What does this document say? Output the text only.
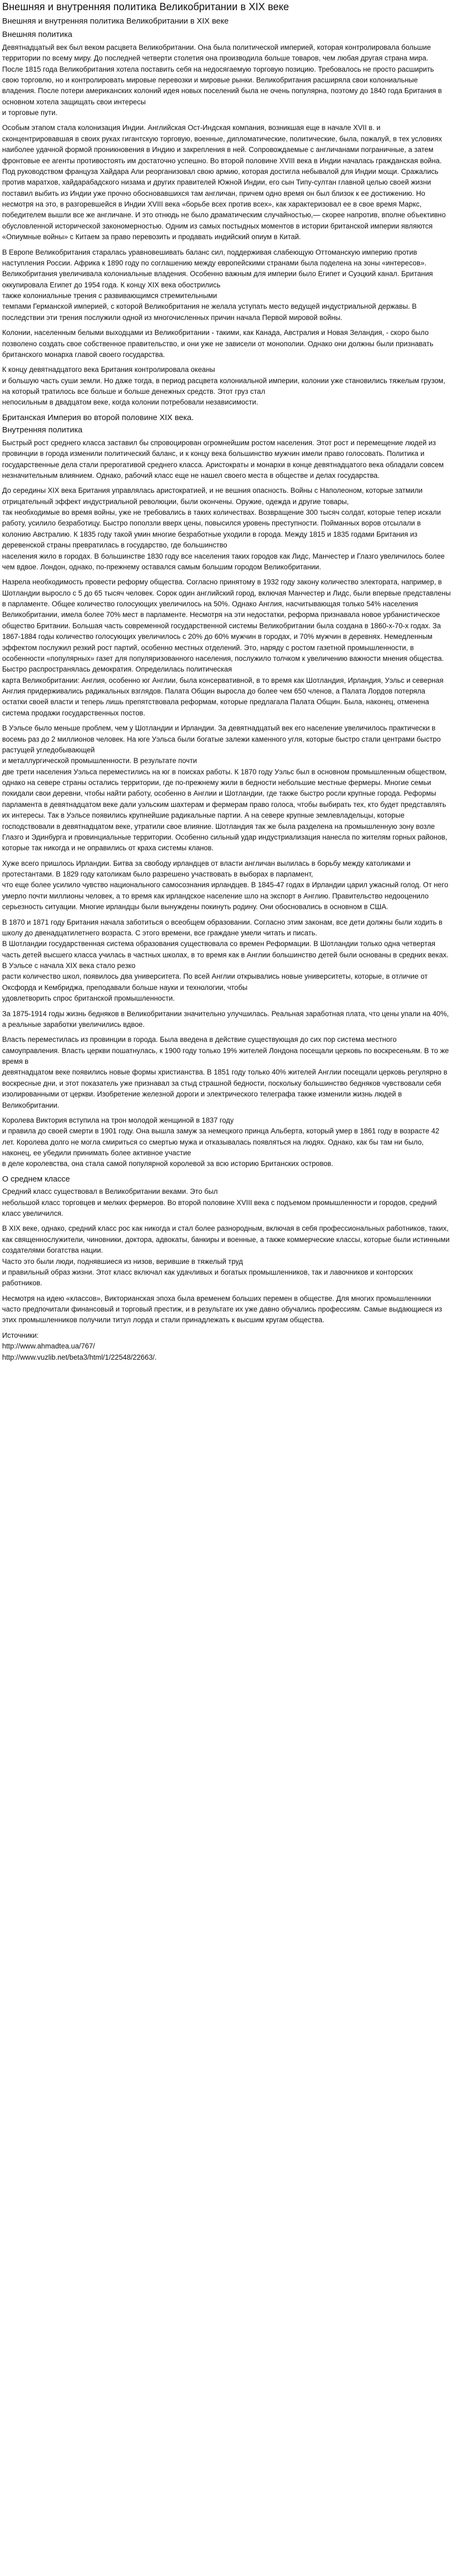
Внешняя и внутренняя политика Великобритании в XIX веке
Внешняя и внутренняя политика Великобритании в XIX веке
Внешняя политика

Девятнадцатый век был веком расцвета Великобритании. Она была политической империей, которая контролировала большие территории по всему миру. До последней четверти столетия она производила больше товаров, чем любая другая страна мира. После 1815 года Великобритания хотела поставить себя на недосягаемую торговую позицию. Требовалось не просто расширить свою торговлю, но и контролировать мировые перевозки и мировые рынки. Великобритания расширяла свои колониальные владения. После потери американских колоний идея новых поселений была не очень популярна, поэтому до 1840 года Британия в основном хотела защищать свои интересы
и торговые пути.

Особым этапом стала колонизация Индии. Английская Ост-Индская компания, возникшая еще в начале XVII в. и сконцентрировавшая в своих руках гигантскую торговую, военные, дипломатические, политические, была, пожалуй, в тех условиях наиболее удачной формой проникновения в Индию и закрепления в ней. Сопровождаемые с англичанами пограничные, а затем фронтовые ее агенты противостоять им достаточно успешно. Во второй половине XVIII века в Индии началась гражданская война. Под руководством француза Хайдара Али реорганизовал свою армию, которая достигла небывалой для Индии мощи. Сражались против маратхов, хайдарабадского низама и других правителей Южной Индии, его сын Типу-султан главной целью своей жизни поставил выбить из Индии уже прочно обосновавшихся там англичан, причем одно время он был близок к ее достижению. Но несмотря на это, в разгоревшейся в Индии XVIII века «борьбе всех против всех», как характеризовал ее в свое время Маркс, победителем вышли все же англичане. И это отнюдь не было драматическим случайностью,— скорее напротив, вполне объективно обусловленной исторической закономерностью. Одним из самых постыдных моментов в истории британской империи являются «Опиумные войны» с Китаем за право перевозить и продавать индийский опиум в Китай.

В Европе Великобритания старалась уравновешивать баланс сил, поддерживая слабеющую Оттоманскую империю против наступления России. Африка к 1890 году по соглашению между европейскими странами была поделена на зоны «интересов». Великобритания увеличивала колониальные владения. Особенно важным для империи было Египет и Суэцкий канал. Британия оккупировала Египет до 1954 года. К концу XIX века обострились
также колониальные трения с развивающимся стремительными
темпами Германской империей, с которой Великобритания не желала уступать место ведущей индустриальной державы. В последствии эти трения послужили одной из многочисленных причин начала Первой мировой войны.

Колонии, населенным белыми выходцами из Великобритании - такими, как Канада, Австралия и Новая Зеландия, - скоро было позволено создать свое собственное правительство, и они уже не зависели от монополии. Однако они должны были признавать британского монарха главой своего государства.

К концу девятнадцатого века Британия контролировала океаны
и большую часть суши земли. Но даже тогда, в период расцвета колониальной империи, колонии уже становились тяжелым грузом, на который тратилось все больше и больше денежных средств. Этот груз стал
непосильным в двадцатом веке, когда колонии потребовали независимости.

Британская Империя во второй половине XIX века.
Внутренняя политика

Быстрый рост среднего класса заставил бы спровоцирован огромнейшим ростом населения. Этот рост и перемещение людей из провинции в города изменили политический баланс, и к концу века большинство мужчин имели право голосовать. Политика и государственные дела стали прерогативой среднего класса. Аристократы и монархи в конце девятнадцатого века обладали совсем незначительным влиянием. Однако, рабочий класс еще не нашел своего места в обществе и делах государства.

До середины XIX века Британия управлялась аристократией, и не вешния опасность. Войны с Наполеоном, которые затмили отрицательный эффект индустриальной революции, были окончены. Оружие, одежда и другие товары,
так необходимые во время войны, уже не требовались в таких количествах. Возвращение 300 тысяч солдат, которые тепер искали работу, усилило безработицу. Быстро поползли вверх цены, повысился уровень преступности. Пойманных воров отсылали в колонию Австралию. К 1835 году такой умин многие безработные уходили в города. Между 1815 и 1835 годами Британия из деревенской страны превратилась в государство, где большинство
населения жило в городах. В большинстве 1830 году все населения таких городов как Лидс, Манчестер и Глазго увеличилось более чем вдвое. Лондон, однако, по-прежнему оставался самым большим городом Великобритании.

Назрела необходимость провести реформу общества. Согласно принятому в 1932 году закону количество электората, например, в Шотландии выросло с 5 до 65 тысяч человек. Сорок один английский город, включая Манчестер и Лидс, были впервые представлены в парламенте. Общее количество голосующих увеличилось на 50%. Однако Англия, насчитывающая только 54% населения Великобритании, имела более 70% мест в парламенте. Несмотря на эти недостатки, реформа признавала новое урбанистическое общество Британии. Большая часть современной государственной системы Великобритании была создана в 1860-х-70-х годах. За 1867-1884 годы количество голосующих увеличилось с 20% до 60% мужчин в городах, и 70% мужчин в деревнях. Немедленным эффектом послужил резкий рост партий, особенно местных отделений. Это, наряду с ростом газетной промышленности, в особенности «популярных» газет для популяризованного населения, послужило толчком к увеличению важности мнения общества. Быстро распространялась демократия. Определилась политическая
карта Великобритании: Англия, особенно юг Англии, была консервативной, в то время как Шотландия, Ирландия, Уэльс и северная Англия придерживались радикальных взглядов. Палата Общин выросла до более чем 650 членов, а Палата Лордов потеряла остатки своей власти и теперь лишь препятствовала реформам, которые предлагала Палата Общин. Была, наконец, отменена система продажи государственных постов.

В Уэльсе было меньше проблем, чем у Шотландии и Ирландии. За девятнадцатый век его население увеличилось практически в восемь раз до 2 миллионов человек. На юге Уэльса были богатые залежи каменного угля, которые быстро стали центрами быстро растущей угледобывающей
и металлургической промышленности. В результате почти
две трети населения Уэльса переместились на юг в поисках работы. К 1870 году Уэльс был в основном промышленным обществом, однако на севере страны остались территории, где по-прежнему жили в бедности небольшие местные фермеры. Многие семьи покидали свои деревни, чтобы найти работу, особенно в Англии и Шотландии, где также быстро росли крупные города. Реформы парламента в девятнадцатом веке дали уэльским шахтерам и фермерам право голоса, чтобы выбирать тех, кто будет представлять их интересы. Так в Уэльсе появились крупнейшие радикальные партии. А на севере крупные землевладельцы, которые господствовали в девятнадцатом веке, утратили свое влияние. Шотландия так же была разделена на промышленную зону возле Глазго и Эдинбурга и провинциальные территории. Особенно сильный удар индустриализация нанесла по жителям горных районов, которые так никогда и не оправились от краха системы кланов.

Хуже всего пришлось Ирландии. Битва за свободу ирландцев от власти англичан вылилась в борьбу между католиками и протестантами. В 1829 году католикам было разрешено участвовать в выборах в парламент,
что еще более усилило чувство национального самосознания ирландцев. В 1845-47 годах в Ирландии царил ужасный голод. От него умерло почти миллионы человек, а то время как ирландское население шло на экспорт в Англию. Правительство недооценило серьезность ситуации. Многие ирландцы были вынуждены покинуть родину. Они обосновались в основном в США.

В 1870 и 1871 году Британия начала заботиться о всеобщем образовании. Согласно этим законам, все дети должны были ходить в школу до двенадцатилетнего возраста. С этого времени, все граждане умели читать и писать.
В Шотландии государственная система образования существовала со времен Реформации. В Шотландии только одна четвертая часть детей высшего класса училась в частных школах, в то время как в Англии большинство детей были основаны в средних веках. В Уэльсе с начала XIX века стало резко
расти количество школ, появилось два университета. По всей Англии открывались новые университеты, которые, в отличие от Оксфорда и Кембриджа, преподавали больше науки и технологии, чтобы
удовлетворить спрос британской промышленности.

За 1875-1914 годы жизнь бедняков в Великобритании значительно улучшилась. Реальная заработная плата, что цены упали на 40%, а реальные заработки увеличились вдвое.

Власть переместилась из провинции в города. Была введена в действие существующая до сих пор система местного самоуправления. Власть церкви пошатнулась, к 1900 году только 19% жителей Лондона посещали церковь по воскресеньям. В то же время в
девятнадцатом веке появились новые формы христианства. В 1851 году только 40% жителей Англии посещали церковь регулярно в воскресные дни, и этот показатель уже признавал за стыд страшной бедности, поскольку большинство бедняков чувствовали себя изолированными от церкви. Изобретение железной дороги и электрического телеграфа также изменили жизнь людей в Великобритании.

Королева Виктория вступила на трон молодой женщиной в 1837 году
и правила до своей смерти в 1901 году. Она вышла замуж за немецкого принца Альберта, который умер в 1861 году в возрасте 42 лет. Королева долго не могла смириться со смертью мужа и отказывалась появляться на людях. Однако, как бы там ни было, наконец, ее убедили принимать более активное участие
в деле королевства, она стала самой популярной королевой за всю историю Британских островов.

О среднем классе

Средний класс существовал в Великобритании веками. Это был
небольшой класс торговцев и мелких фермеров. Во второй половине XVIII века с подъемом промышленности и городов, средний класс увеличился.

В XIX веке, однако, средний класс рос как никогда и стал более разнородным, включая в себя профессиональных работников, таких, как священнослужители, чиновники, доктора, адвокаты, банкиры и военные, а также коммерческие классы, которые были истинными создателями богатства нации.
Часто это были люди, поднявшиеся из низов, верившие в тяжелый труд
и правильный образ жизни. Этот класс включал как удачливых и богатых промышленников, так и лавочников и конторских работников.

Несмотря на идею «классов», Викторианская эпоха была временем больших перемен в обществе. Для многих промышленники часто предпочитали финансовый и торговый престиж, и в результате их уже давно обучались профессиям. Самые выдающиеся из этих промышленников получили титул лорда и стали принадлежать к высшим кругам общества.

Источники:
http://www.ahmadtea.ua/767/
http://www.vuzlib.net/beta3/html/1/22548/22663/.
